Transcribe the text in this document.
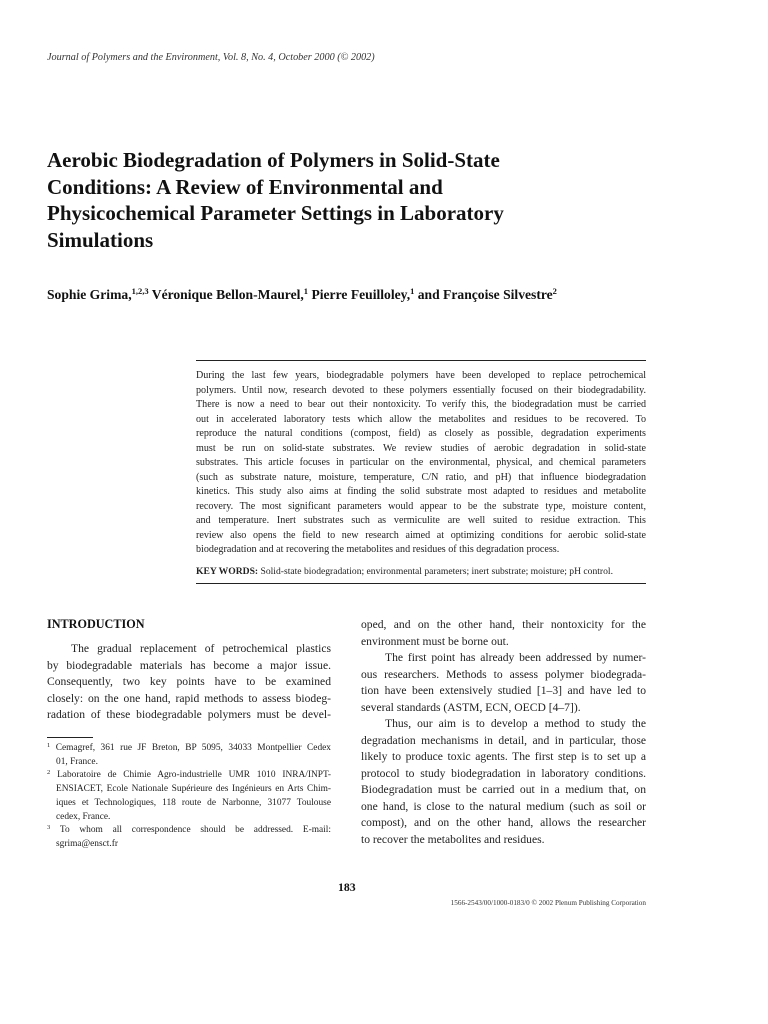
Journal of Polymers and the Environment, Vol. 8, No. 4, October 2000 (© 2002)
Aerobic Biodegradation of Polymers in Solid-State
Conditions: A Review of Environmental and
Physicochemical Parameter Settings in Laboratory
Simulations
Sophie Grima,$^{1,2,3}$ Véronique Bellon-Maurel,$^1$ Pierre Feuilloley,$^1$ and Françoise Silvestre$^2$
During the last few years, biodegradable polymers have been developed to replace petrochemical
polymers. Until now, research devoted to these polymers essentially focused on their biodegradability.
There is now a need to bear out their nontoxicity. To verify this, the biodegradation must be carried
out in accelerated laboratory tests which allow the metabolites and residues to be recovered. To
reproduce the natural conditions (compost, field) as closely as possible, degradation experiments
must be run on solid-state substrates. We review studies of aerobic degradation in solid-state
substrates. This article focuses in particular on the environmental, physical, and chemical parameters
(such as substrate nature, moisture, temperature, C/N ratio, and pH) that influence biodegradation
kinetics. This study also aims at finding the solid substrate most adapted to residues and metabolite
recovery. The most significant parameters would appear to be the substrate type, moisture content,
and temperature. Inert substrates such as vermiculite are well suited to residue extraction. This
review also opens the field to new research aimed at optimizing conditions for aerobic solid-state
biodegradation and at recovering the metabolites and residues of this degradation process.
KEY WORDS: Solid-state biodegradation; environmental parameters; inert substrate; moisture; pH control.
INTRODUCTION
The gradual replacement of petrochemical plastics
by biodegradable materials has become a major issue.
Consequently, two key points have to be examined
closely: on the one hand, rapid methods to assess biodeg-
radation of these biodegradable polymers must be devel-
$^1$ Cemagref, 361 rue JF Breton, BP 5095, 34033 Montpellier Cedex
01, France.
$^2$ Laboratoire de Chimie Agro-industrielle UMR 1010 INRA/INPT-
ENSIACET, Ecole Nationale Supérieure des Ingénieurs en Arts Chim-
iques et Technologiques, 118 route de Narbonne, 31077 Toulouse
cedex, France.
$^3$ To whom all correspondence should be addressed. E-mail:
sgrima@ensct.fr
oped, and on the other hand, their nontoxicity for the
environment must be borne out.
The first point has already been addressed by numer-
ous researchers. Methods to assess polymer biodegrada-
tion have been extensively studied [1–3] and have led to
several standards (ASTM, ECN, OECD [4–7]).
Thus, our aim is to develop a method to study the
degradation mechanisms in detail, and in particular, those
likely to produce toxic agents. The first step is to set up a
protocol to study biodegradation in laboratory conditions.
Biodegradation must be carried out in a medium that, on
one hand, is close to the natural medium (such as soil or
compost), and on the other hand, allows the researcher
to recover the metabolites and residues.
183
1566-2543/00/1000-0183/0 © 2002 Plenum Publishing Corporation
